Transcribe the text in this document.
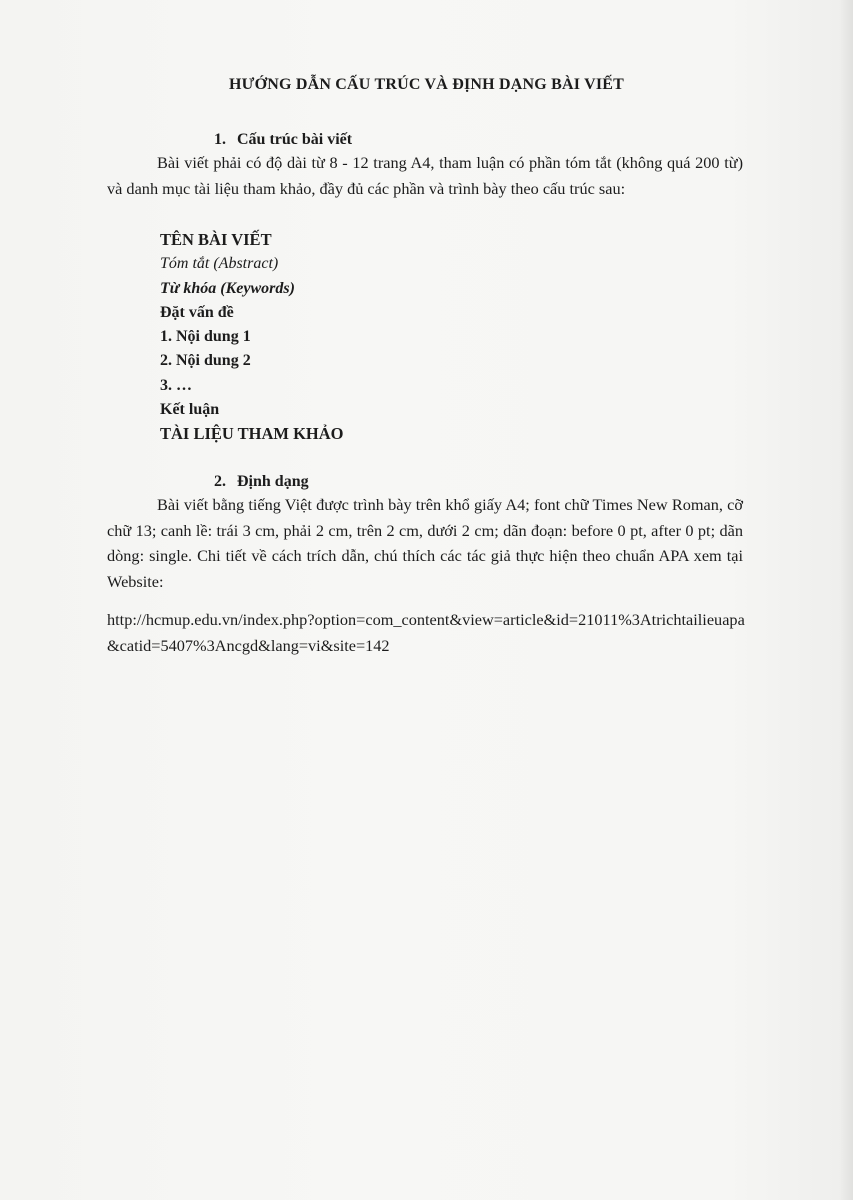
HƯỚNG DẪN CẤU TRÚC VÀ ĐỊNH DẠNG BÀI VIẾT
1. Cấu trúc bài viết

Bài viết phải có độ dài từ 8 - 12 trang A4, tham luận có phần tóm tắt (không quá 200 từ) và danh mục tài liệu tham khảo, đầy đủ các phần và trình bày theo cấu trúc sau:

TÊN BÀI VIẾT
Tóm tắt (Abstract)
Từ khóa (Keywords)
Đặt vấn đề
1. Nội dung 1
2. Nội dung 2
3. …
Kết luận
TÀI LIỆU THAM KHẢO
2. Định dạng

Bài viết bằng tiếng Việt được trình bày trên khổ giấy A4; font chữ Times New Roman, cỡ chữ 13; canh lề: trái 3 cm, phải 2 cm, trên 2 cm, dưới 2 cm; dãn đoạn: before 0 pt, after 0 pt; dãn dòng: single. Chi tiết về cách trích dẫn, chú thích các tác giả thực hiện theo chuẩn APA xem tại Website:

http://hcmup.edu.vn/index.php?option=com_content&view=article&id=21011%3Atrichtailieuapa&catid=5407%3Ancgd&lang=vi&site=142
